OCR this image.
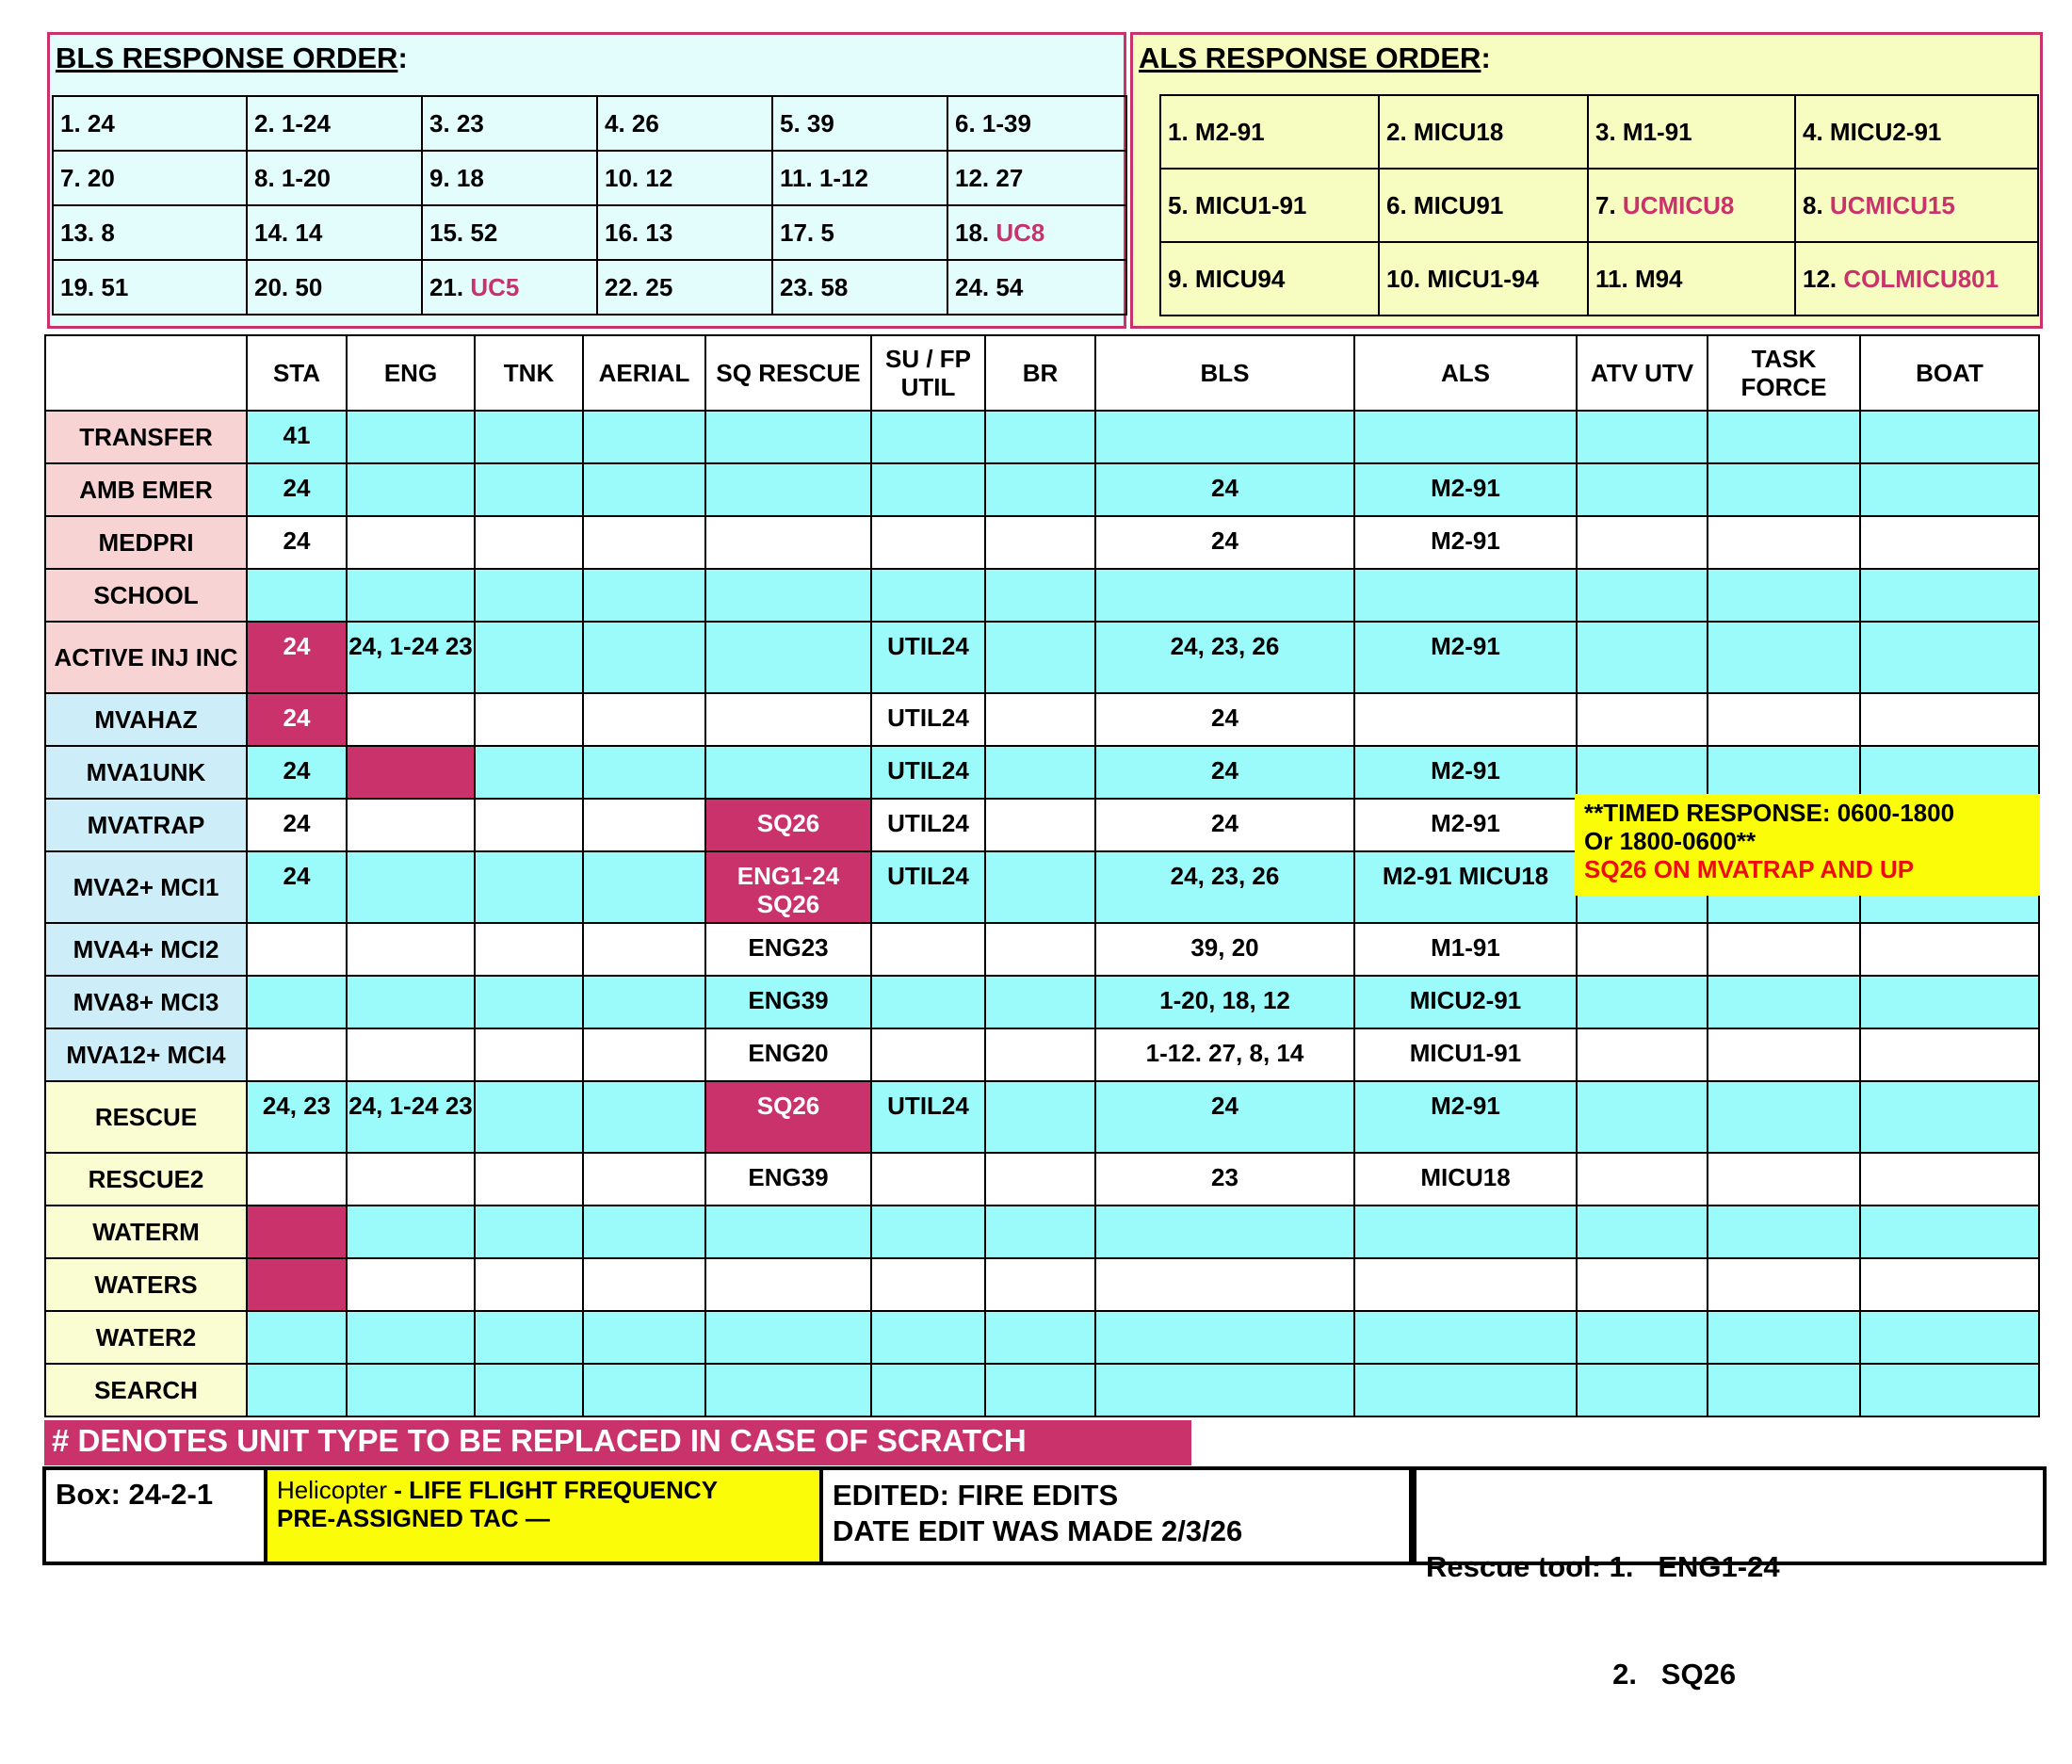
BLS RESPONSE ORDER:
1. 24	2. 1-24	3. 23	4. 26	5. 39	6. 1-39
7. 20	8. 1-20	9. 18	10. 12	11. 1-12	12. 27
13. 8	14. 14	15. 52	16. 13	17. 5	18. UC8
19. 51	20. 50	21. UC5	22. 25	23. 58	24. 54
ALS RESPONSE ORDER:
1. M2-91	2. MICU18	3. M1-91	4. MICU2-91
5. MICU1-91	6. MICU91	7. UCMICU8	8. UCMICU15
9. MICU94	10. MICU1-94	11. M94	12. COLMICU801
	STA	ENG	TNK	AERIAL	SQ RESCUE	SU / FP UTIL	BR	BLS	ALS	ATV UTV	TASK FORCE	BOAT
TRANSFER	41											
AMB EMER	24							24	M2-91			
MEDPRI	24							24	M2-91			
SCHOOL												
ACTIVE INJ INC	24	24, 1-24 23				UTIL24		24, 23, 26	M2-91			
MVAHAZ	24					UTIL24		24				
MVA1UNK	24					UTIL24		24	M2-91			
MVATRAP	24				SQ26	UTIL24		24	M2-91			
MVA2+ MCI1	24				ENG1-24 SQ26	UTIL24		24, 23, 26	M2-91 MICU18			
MVA4+ MCI2					ENG23			39, 20	M1-91			
MVA8+ MCI3					ENG39			1-20, 18, 12	MICU2-91			
MVA12+ MCI4					ENG20			1-12. 27, 8, 14	MICU1-91			
RESCUE	24, 23	24, 1-24 23			SQ26	UTIL24		24	M2-91			
RESCUE2					ENG39			23	MICU18			
WATERM												
WATERS												
WATER2												
SEARCH												
**TIMED RESPONSE: 0600-1800
Or 1800-0600**
SQ26 ON MVATRAP AND UP
# DENOTES UNIT TYPE TO BE REPLACED IN CASE OF SCRATCH
Box: 24-2-1	Helicopter - LIFE FLIGHT FREQUENCY
PRE-ASSIGNED TAC —
EDITED: FIRE EDITS
DATE EDIT WAS MADE 2/3/26

Rescue tool: 1.   ENG1-24

2.   SQ26
